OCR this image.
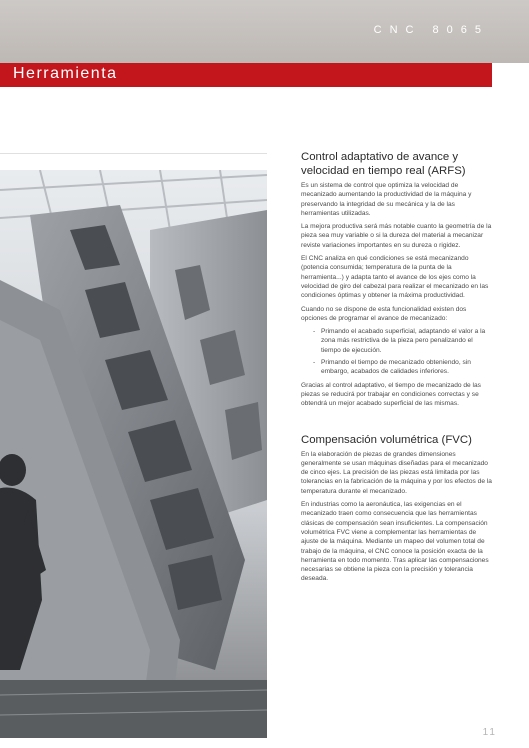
CNC 8065
Herramienta
Control adaptativo de avance y velocidad en tiempo real (ARFS)

Es un sistema de control que optimiza la velocidad de mecanizado aumentando la productividad de la máquina y preservando la integridad de su mecánica y la de las herramientas utilizadas.

La mejora productiva será más notable cuanto la geometría de la pieza sea muy variable o si la dureza del material a mecanizar reviste variaciones importantes en su dureza o rigidez.

El CNC analiza en qué condiciones se está mecanizando (potencia consumida; temperatura de la punta de la herramienta...) y adapta tanto el avance de los ejes como la velocidad de giro del cabezal para realizar el mecanizado en las condiciones óptimas y obtener la máxima productividad.

Cuando no se dispone de esta funcionalidad existen dos opciones de programar el avance de mecanizado:

- Primando el acabado superficial, adaptando el valor a la zona más restrictiva de la pieza pero penalizando el tiempo de ejecución.
- Primando el tiempo de mecanizado obteniendo, sin embargo, acabados de calidades inferiores.

Gracias al control adaptativo, el tiempo de mecanizado de las piezas se reducirá por trabajar en condiciones correctas y se obtendrá un mejor acabado superficial de las mismas.

Compensación volumétrica (FVC)

En la elaboración de piezas de grandes dimensiones generalmente se usan máquinas diseñadas para el mecanizado de cinco ejes. La precisión de las piezas está limitada por las tolerancias en la fabricación de la máquina y por los efectos de la temperatura durante el mecanizado.

En industrias como la aeronáutica, las exigencias en el mecanizado traen como consecuencia que las herramientas clásicas de compensación sean insuficientes. La compensación volumétrica FVC viene a complementar las herramientas de ajuste de la máquina. Mediante un mapeo del volumen total de trabajo de la máquina, el CNC conoce la posición exacta de la herramienta en todo momento. Tras aplicar las compensaciones necesarias se obtiene la pieza con la precisión y tolerancia deseada.

11
